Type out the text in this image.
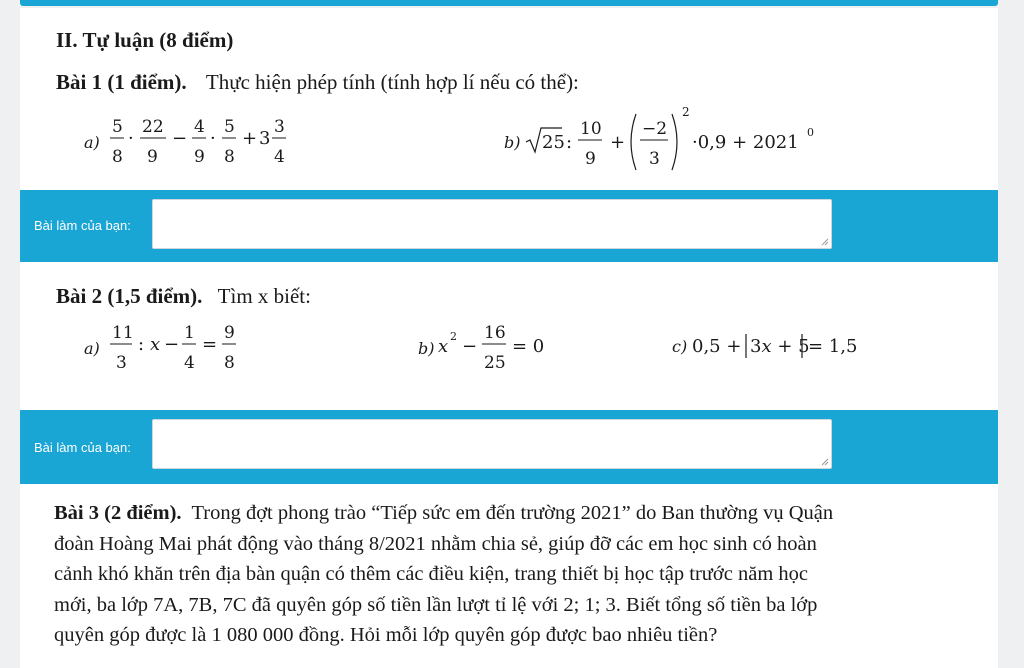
II. Tự luận (8 điểm)
Bài 1 (1 điểm). Thực hiện phép tính (tính hợp lí nếu có thể):
a)
5
8
·
22
9
−
4
9
·
5
8
+ 3
3
4
b) 25 :
10
9
+
−2
3
2
·0,9 + 2021 0
Bài làm của bạn:
Bài 2 (1,5 điểm). Tìm x biết:
a)
11
3
: x −
1
4
=
9
8
b) x 2 −
16
25
= 0	c) 0,5 + 3x + 5
= 1,5
Bài làm của bạn:
Bài 3 (2 điểm). Trong đợt phong trào “Tiếp sức em đến trường 2021” do Ban thường vụ Quận
đoàn Hoàng Mai phát động vào tháng 8/2021 nhằm chia sẻ, giúp đỡ các em học sinh có hoàn
cảnh khó khăn trên địa bàn quận có thêm các điều kiện, trang thiết bị học tập trước năm học
mới, ba lớp 7A, 7B, 7C đã quyên góp số tiền lần lượt tỉ lệ với 2; 1; 3. Biết tổng số tiền ba lớp
quyên góp được là 1 080 000 đồng. Hỏi mỗi lớp quyên góp được bao nhiêu tiền?
